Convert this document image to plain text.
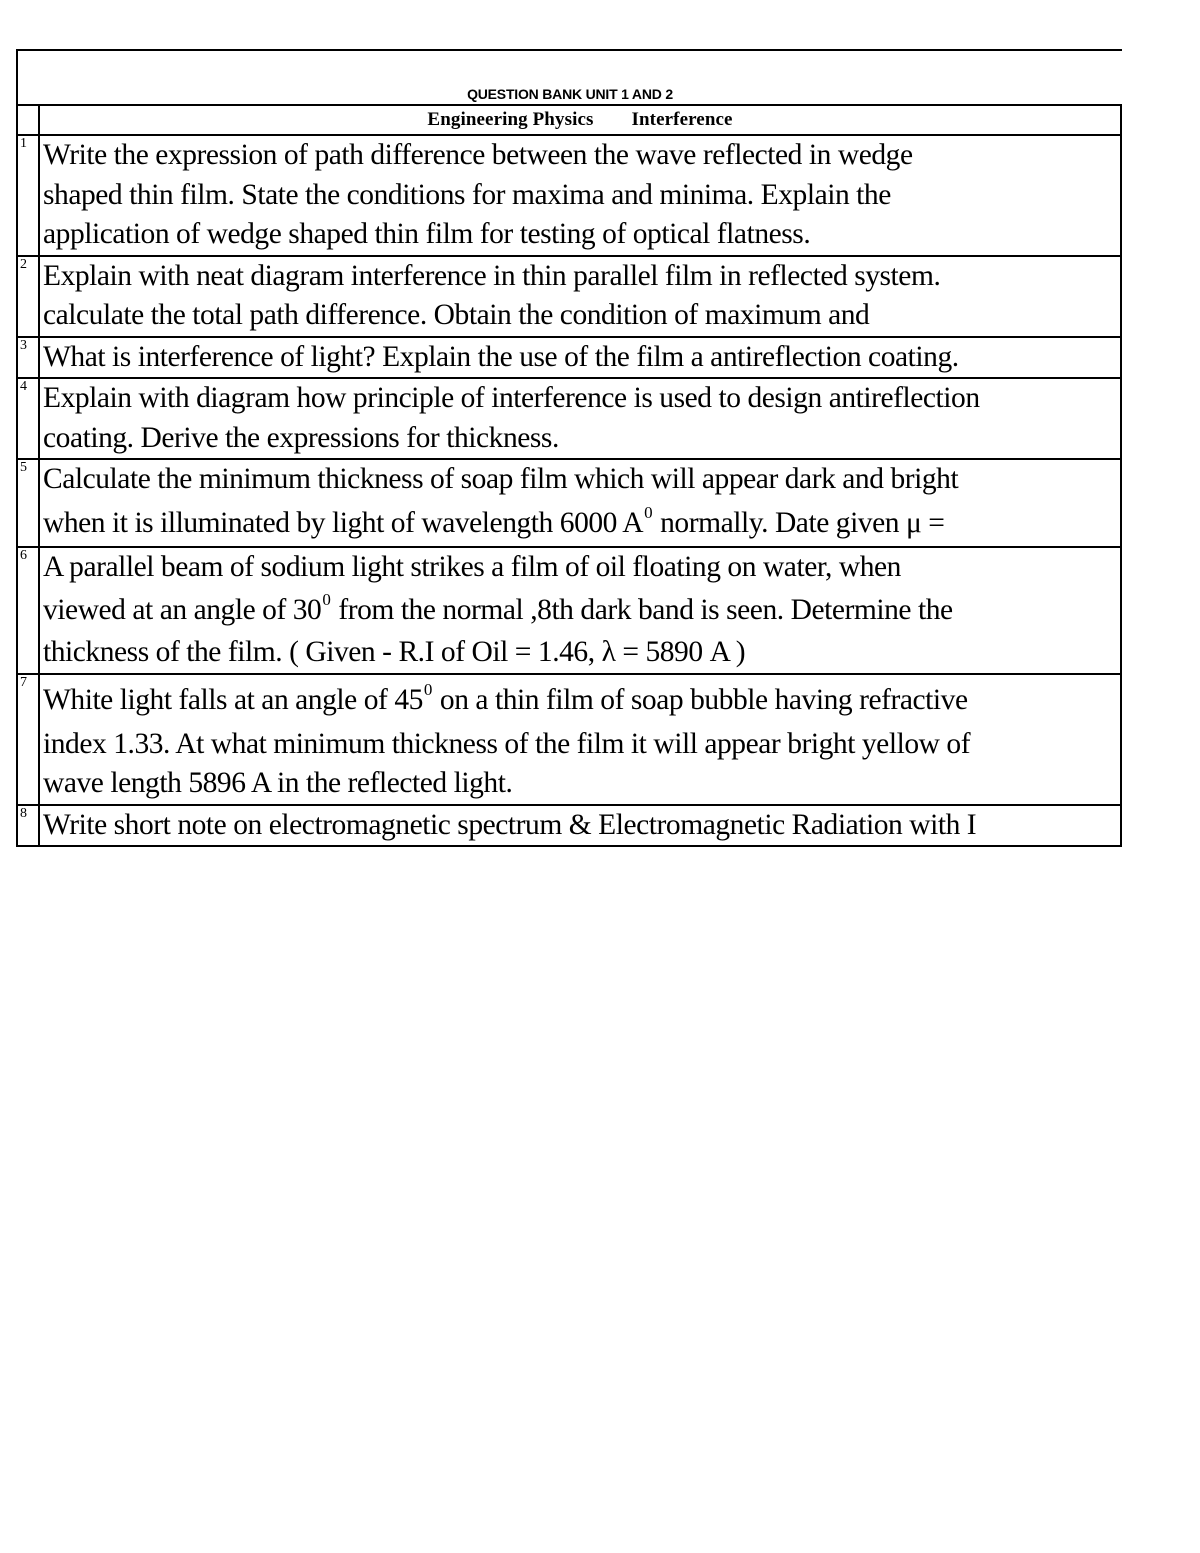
QUESTION BANK UNIT 1 AND 2

	Engineering Physics Interference

1	Write the expression of path difference between the wave reflected in wedge
shaped thin film. State the conditions for maxima and minima. Explain the
application of wedge shaped thin film for testing of optical flatness.

2	Explain with neat diagram interference in thin parallel film in reflected system.
calculate the total path difference. Obtain the condition of maximum and

3	What is interference of light? Explain the use of the film a antireflection coating.

4	Explain with diagram how principle of interference is used to design antireflection
coating. Derive the expressions for thickness.

5	Calculate the minimum thickness of soap film which will appear dark and bright
when it is illuminated by light of wavelength 6000 $A^0$ normally. Date given μ =

6	A parallel beam of sodium light strikes a film of oil floating on water, when
viewed at an angle of $30^0$ from the normal ,8th dark band is seen. Determine the
thickness of the film. ( Given - R.I of Oil = 1.46, λ = 5890 A )

7	White light falls at an angle of $45^0$ on a thin film of soap bubble having refractive
index 1.33. At what minimum thickness of the film it will appear bright yellow of
wave length 5896 A in the reflected light.

8	Write short note on electromagnetic spectrum & Electromagnetic Radiation with I
